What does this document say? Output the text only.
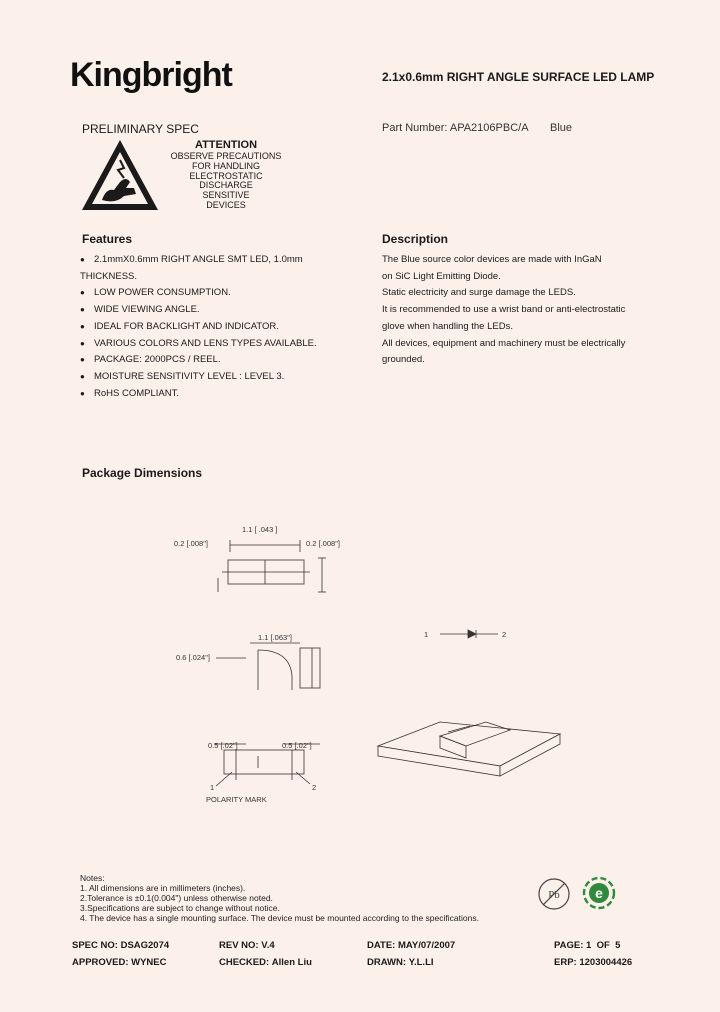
Kingbright	2.1x0.6mm RIGHT ANGLE SURFACE LED LAMP
PRELIMINARY SPEC	Part Number: APA2106PBC/A Blue
ATTENTION
OBSERVE PRECAUTIONS
FOR HANDLING
ELECTROSTATIC
DISCHARGE
SENSITIVE
DEVICES
Features
● 2.1mmX0.6mm RIGHT ANGLE SMT LED, 1.0mm
THICKNESS.
● LOW POWER CONSUMPTION.
● WIDE VIEWING ANGLE.
● IDEAL FOR BACKLIGHT AND INDICATOR.
● VARIOUS COLORS AND LENS TYPES AVAILABLE.
● PACKAGE: 2000PCS / REEL.
● MOISTURE SENSITIVITY LEVEL : LEVEL 3.
● RoHS COMPLIANT.
Description
The Blue source color devices are made with InGaN
on SiC Light Emitting Diode.
Static electricity and surge damage the LEDS.
It is recommended to use a wrist band or anti-electrostatic
glove when handling the LEDs.
All devices, equipment and machinery must be electrically
grounded.
Package Dimensions
1.1 [ .043 ]
0.2 [.008"]	0.2 [.008"]
1.1 [.063"]
0.6 [.024"]
0.5 [.02"]	0.5 [.02"]
1	2
POLARITY MARK
1	2
Notes:
1. All dimensions are in millimeters (inches).
2.Tolerance is ±0.1(0.004") unless otherwise noted.
3.Specifications are subject to change without notice.
4. The device has a single mounting surface. The device must be mounted according to the specifications.
Pb	e
SPEC NO: DSAG2074	REV NO: V.4	DATE: MAY/07/2007	PAGE: 1  OF  5
APPROVED: WYNEC	CHECKED: Allen Liu	DRAWN: Y.L.LI	ERP: 1203004426
